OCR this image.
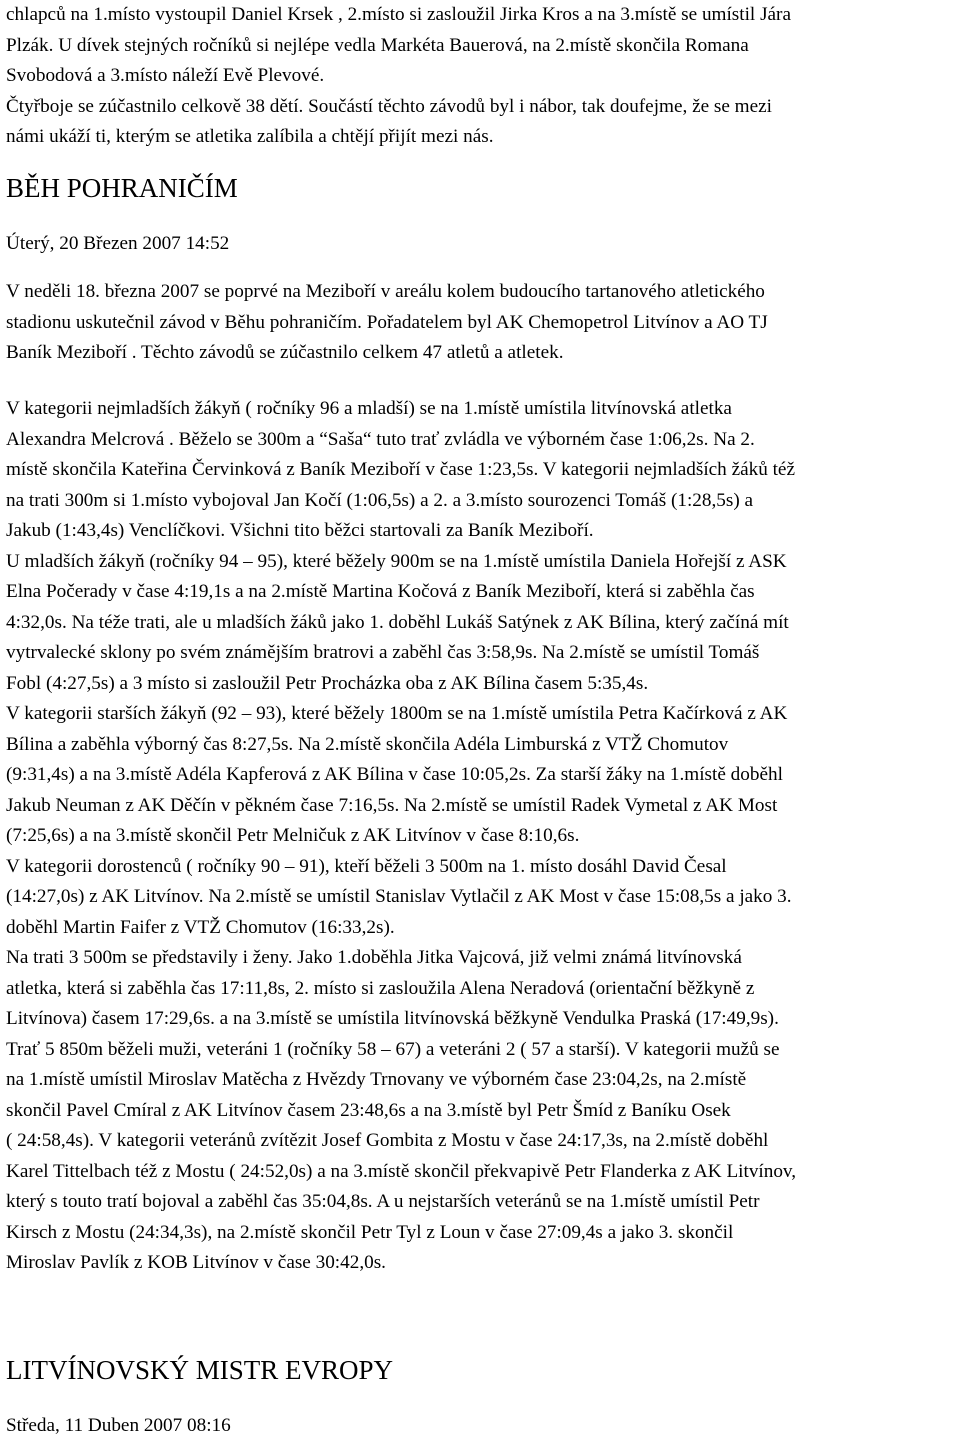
chlapců na 1.místo vystoupil Daniel Krsek , 2.místo si zasloužil Jirka Kros a na 3.místě se umístil Jára
Plzák. U dívek stejných ročníků si nejlépe vedla Markéta Bauerová, na 2.místě skončila Romana
Svobodová a 3.místo náleží Evě Plevové.
Čtyřboje se zúčastnilo celkově 38 dětí. Součástí těchto závodů byl i nábor, tak doufejme, že se mezi
námi ukáží ti, kterým se atletika zalíbila a chtějí přijít mezi nás.
BĚH POHRANIČÍM
Úterý, 20 Březen 2007 14:52
V neděli 18. března 2007 se poprvé na Meziboří v areálu kolem budoucího tartanového atletického
stadionu uskutečnil závod v Běhu pohraničím. Pořadatelem byl AK Chemopetrol Litvínov a AO TJ
Baník Meziboří . Těchto závodů se zúčastnilo celkem 47 atletů a atletek.
V kategorii nejmladších žákyň ( ročníky 96 a mladší) se na 1.místě umístila litvínovská atletka
Alexandra Melcrová . Běželo se 300m a “Saša“ tuto trať zvládla ve výborném čase 1:06,2s. Na 2.
místě skončila Kateřina Červinková z Baník Meziboří v čase 1:23,5s. V kategorii nejmladších žáků též
na trati 300m si 1.místo vybojoval Jan Kočí (1:06,5s) a 2. a 3.místo sourozenci Tomáš (1:28,5s) a
Jakub (1:43,4s) Venclíčkovi. Všichni tito běžci startovali za Baník Meziboří.
U mladších žákyň (ročníky 94 – 95), které běžely 900m se na 1.místě umístila Daniela Hořejší z ASK
Elna Počerady v čase 4:19,1s a na 2.místě Martina Kočová z Baník Meziboří, která si zaběhla čas
4:32,0s. Na téže trati, ale u mladších žáků jako 1. doběhl Lukáš Satýnek z AK Bílina, který začíná mít
vytrvalecké sklony po svém známějším bratrovi a zaběhl čas 3:58,9s. Na 2.místě se umístil Tomáš
Fobl (4:27,5s) a 3 místo si zasloužil Petr Procházka oba z AK Bílina časem 5:35,4s.
V kategorii starších žákyň (92 – 93), které běžely 1800m se na 1.místě umístila Petra Kačírková z AK
Bílina a zaběhla výborný čas 8:27,5s. Na 2.místě skončila Adéla Limburská z VTŽ Chomutov
(9:31,4s) a na 3.místě Adéla Kapferová z AK Bílina v čase 10:05,2s. Za starší žáky na 1.místě doběhl
Jakub Neuman z AK Děčín v pěkném čase 7:16,5s. Na 2.místě se umístil Radek Vymetal z AK Most
(7:25,6s) a na 3.místě skončil Petr Melničuk z AK Litvínov v čase 8:10,6s.
V kategorii dorostenců ( ročníky 90 – 91), kteří běželi 3 500m na 1. místo dosáhl David Česal
(14:27,0s) z AK Litvínov. Na 2.místě se umístil Stanislav Vytlačil z AK Most v čase 15:08,5s a jako 3.
doběhl Martin Faifer z VTŽ Chomutov (16:33,2s).
Na trati 3 500m se představily i ženy. Jako 1.doběhla Jitka Vajcová, již velmi známá litvínovská
atletka, která si zaběhla čas 17:11,8s, 2. místo si zasloužila Alena Neradová (orientační běžkyně z
Litvínova) časem 17:29,6s. a na 3.místě se umístila litvínovská běžkyně Vendulka Praská (17:49,9s).
Trať 5 850m běželi muži, veteráni 1 (ročníky 58 – 67) a veteráni 2 ( 57 a starší). V kategorii mužů se
na 1.místě umístil Miroslav Matěcha z Hvězdy Trnovany ve výborném čase 23:04,2s, na 2.místě
skončil Pavel Cmíral z AK Litvínov časem 23:48,6s a na 3.místě byl Petr Šmíd z Baníku Osek
( 24:58,4s). V kategorii veteránů zvítězit Josef Gombita z Mostu v čase 24:17,3s, na 2.místě doběhl
Karel Tittelbach též z Mostu ( 24:52,0s) a na 3.místě skončil překvapivě Petr Flanderka z AK Litvínov,
který s touto tratí bojoval a zaběhl čas 35:04,8s. A u nejstarších veteránů se na 1.místě umístil Petr
Kirsch z Mostu (24:34,3s), na 2.místě skončil Petr Tyl z Loun v čase 27:09,4s a jako 3. skončil
Miroslav Pavlík z KOB Litvínov v čase 30:42,0s.
LITVÍNOVSKÝ MISTR EVROPY
Středa, 11 Duben 2007 08:16
